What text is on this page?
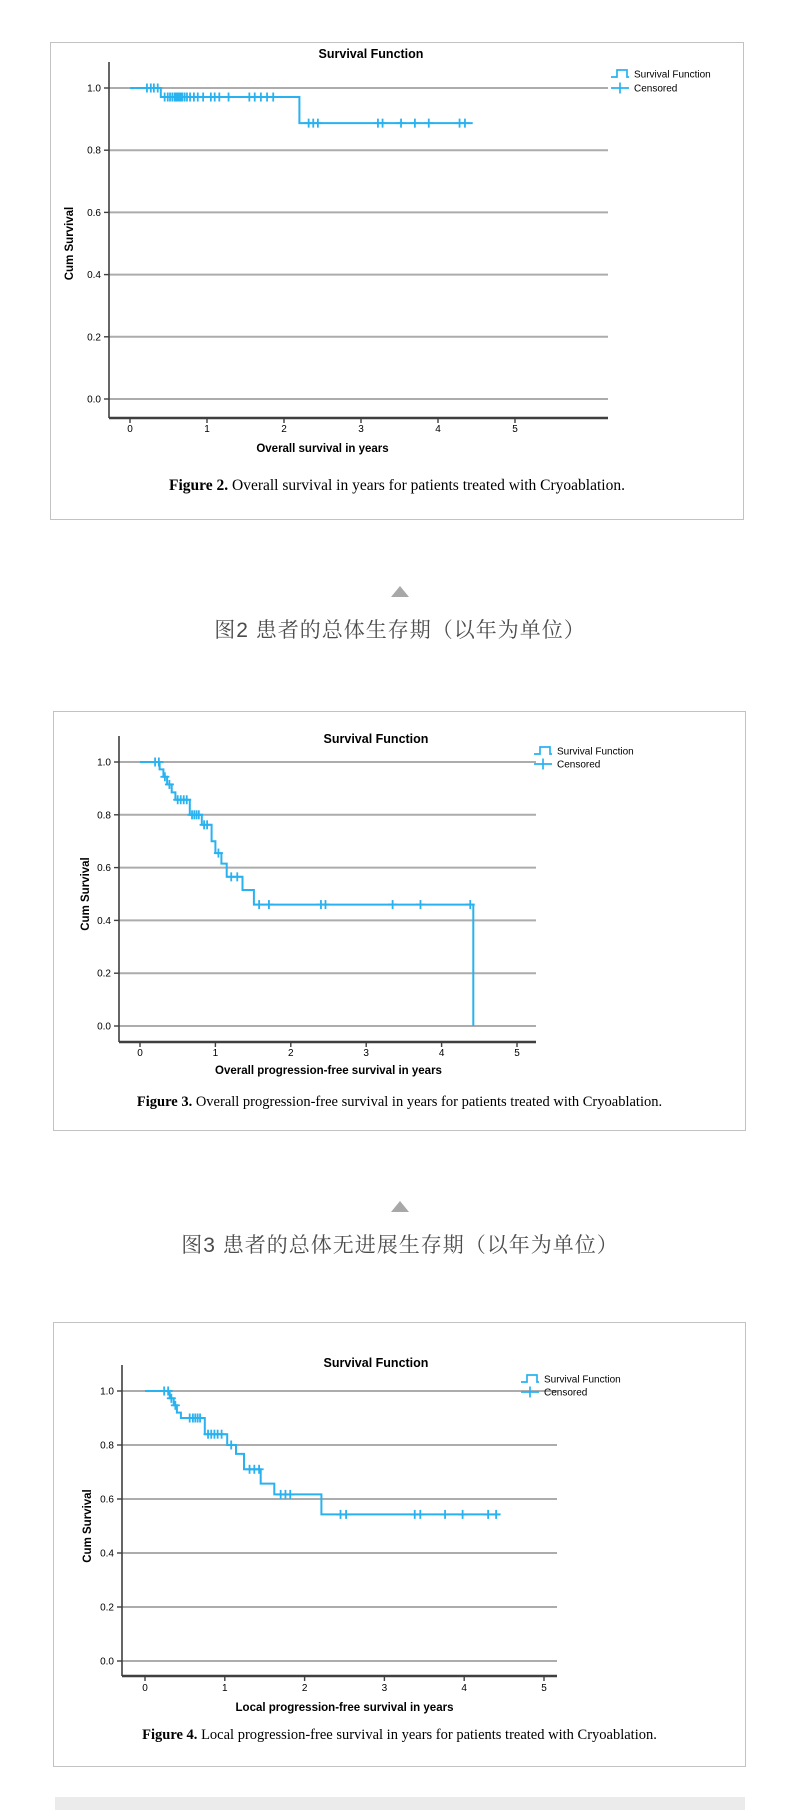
0.0
0.2
0.4
0.6
0.8
1.0
0	1	2	3	4	5
Survival Function
Overall survival in years
Cum Survival
Survival Function
Censored
Figure 2. Overall survival in years for patients treated with Cryoablation.
图2 患者的总体生存期（以年为单位）
0.0
0.2
0.4
0.6
0.8
1.0
0	1	2	3	4	5
Survival Function
Overall progression-free survival in years
Cum Survival
Survival Function
Censored
Figure 3. Overall progression-free survival in years for patients treated with Cryoablation.
图3 患者的总体无进展生存期（以年为单位）
0.0
0.2
0.4
0.6
0.8
1.0
0	1	2	3	4	5
Survival Function
Local progression-free survival in years
Cum Survival
Survival Function
Censored
Figure 4. Local progression-free survival in years for patients treated with Cryoablation.
